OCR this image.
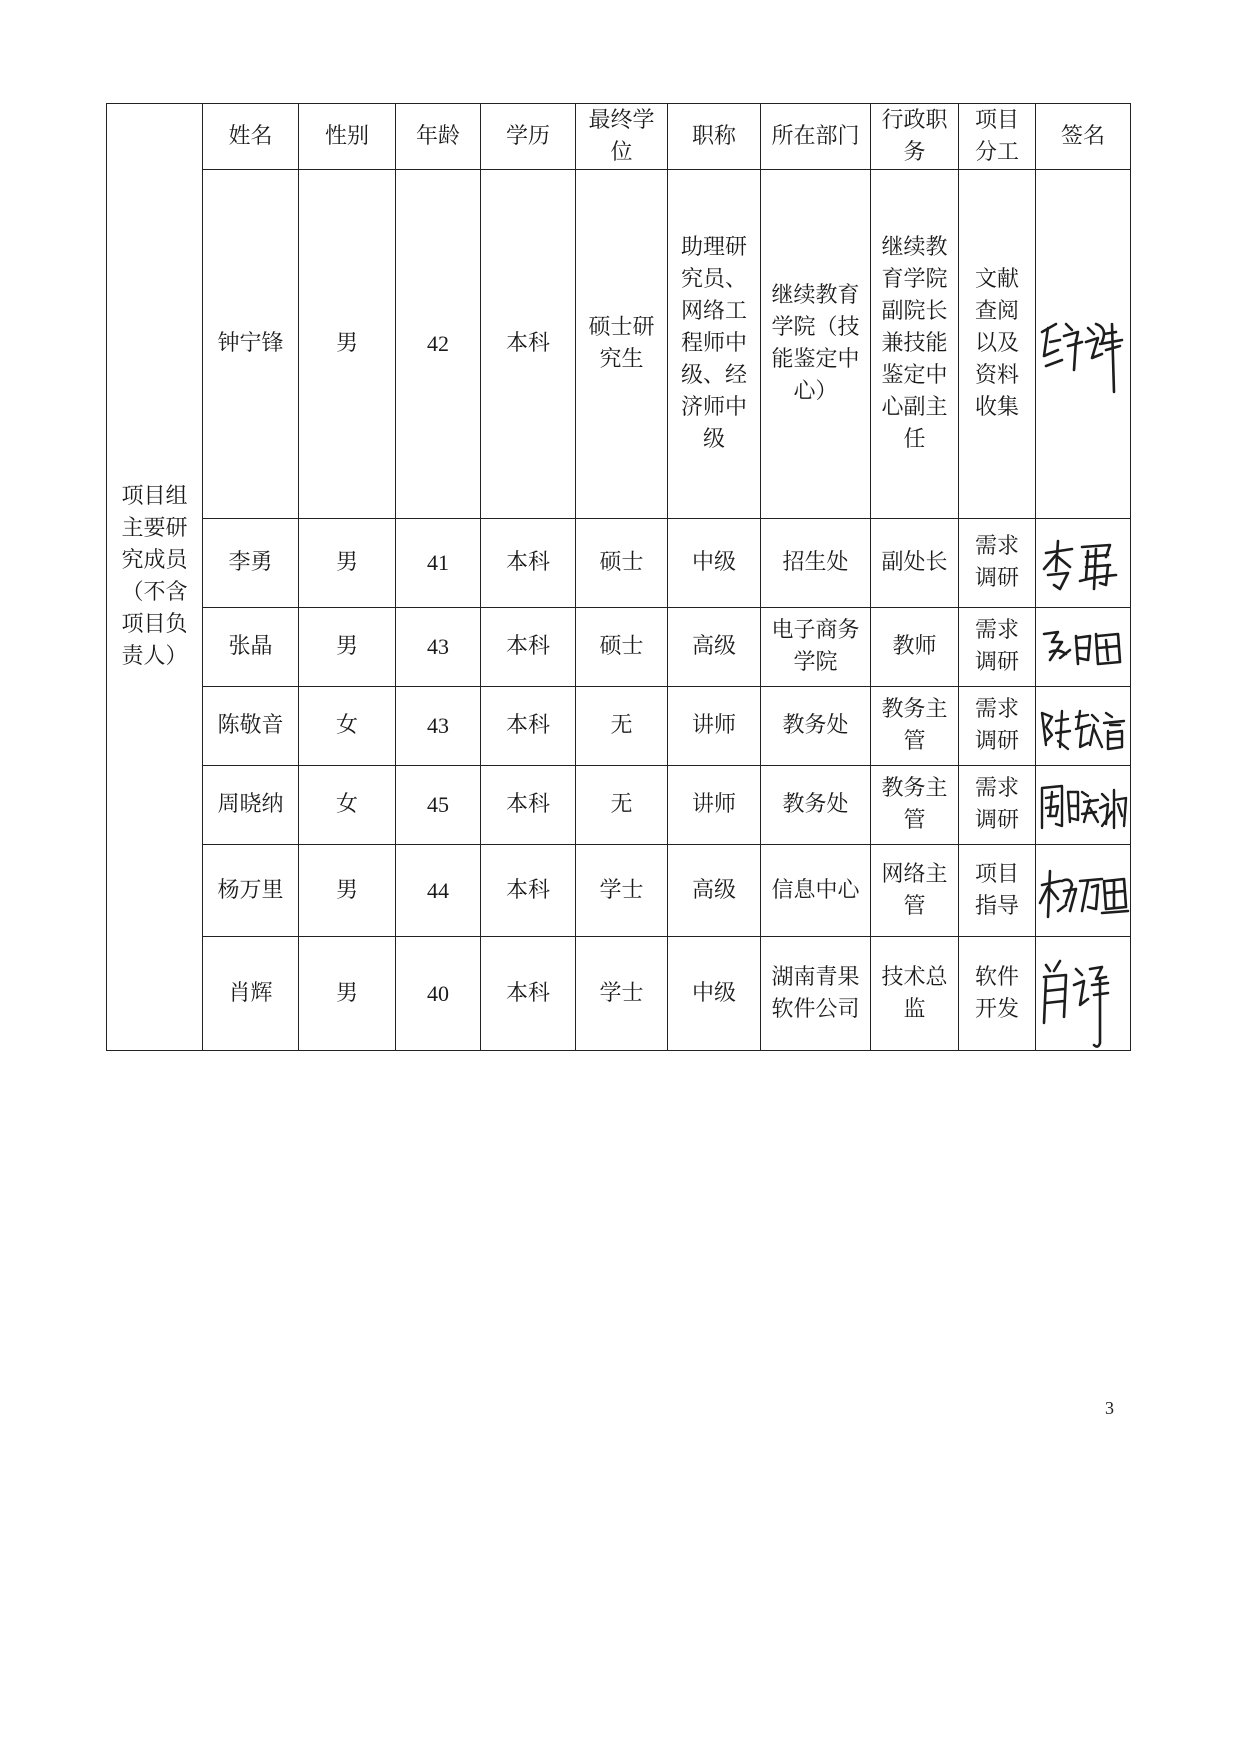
项目组主要研究成员（不含项目负责人）	姓名	性别	年龄	学历	最终学位	职称	所在部门	行政职务	项目分工	签名
	钟宁锋	男	42	本科	硕士研究生	助理研究员、网络工程师中级、经济师中级	继续教育学院（技能鉴定中心）	继续教育学院副院长兼技能鉴定中心副主任	文献查阅以及资料收集	

	李勇	男	41	本科	硕士	中级	招生处	副处长	需求调研	

	张晶	男	43	本科	硕士	高级	电子商务学院	教师	需求调研	

	陈敬音	女	43	本科	无	讲师	教务处	教务主管	需求调研	

	周晓纳	女	45	本科	无	讲师	教务处	教务主管	需求调研	

	杨万里	男	44	本科	学士	高级	信息中心	网络主管	项目指导	

	肖辉	男	40	本科	学士	中级	湖南青果软件公司	技术总监	软件开发	
3
